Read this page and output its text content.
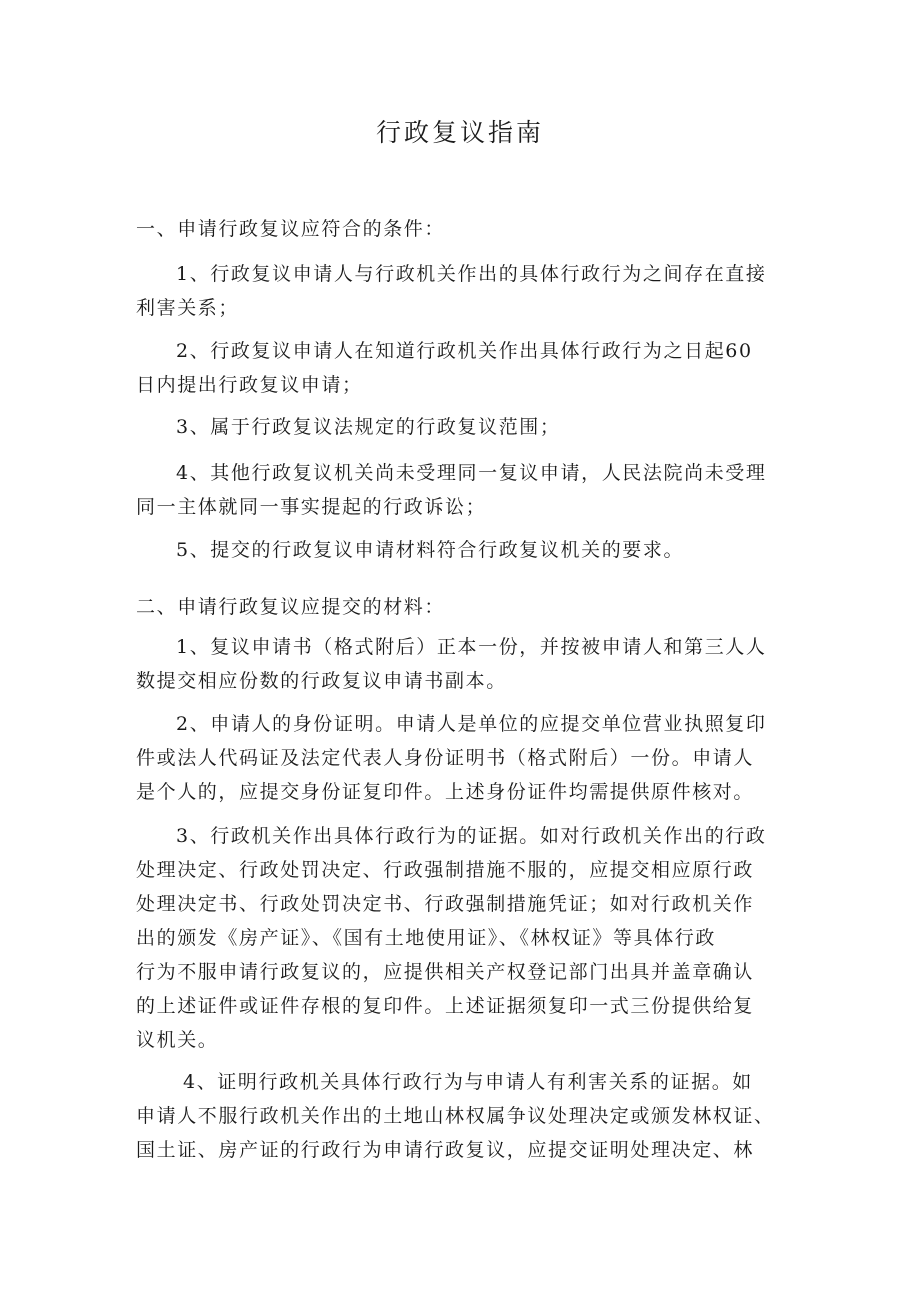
行政复议指南
一、申请行政复议应符合的条件：
1、行政复议申请人与行政机关作出的具体行政行为之间存在直接
利害关系；
2、行政复议申请人在知道行政机关作出具体行政行为之日起60
日内提出行政复议申请；
3、属于行政复议法规定的行政复议范围；
4、其他行政复议机关尚未受理同一复议申请，人民法院尚未受理
同一主体就同一事实提起的行政诉讼；
5、提交的行政复议申请材料符合行政复议机关的要求。
二、申请行政复议应提交的材料：
1、复议申请书（格式附后）正本一份，并按被申请人和第三人人
数提交相应份数的行政复议申请书副本。
2、申请人的身份证明。申请人是单位的应提交单位营业执照复印
件或法人代码证及法定代表人身份证明书（格式附后）一份。申请人
是个人的，应提交身份证复印件。上述身份证件均需提供原件核对。
3、行政机关作出具体行政行为的证据。如对行政机关作出的行政
处理决定、行政处罚决定、行政强制措施不服的，应提交相应原行政
处理决定书、行政处罚决定书、行政强制措施凭证；如对行政机关作
出的颁发《房产证》、《国有土地使用证》、《林权证》等具体行政
行为不服申请行政复议的，应提供相关产权登记部门出具并盖章确认
的上述证件或证件存根的复印件。上述证据须复印一式三份提供给复
议机关。
4、证明行政机关具体行政行为与申请人有利害关系的证据。如
申请人不服行政机关作出的土地山林权属争议处理决定或颁发林权证、
国土证、房产证的行政行为申请行政复议，应提交证明处理决定、林
